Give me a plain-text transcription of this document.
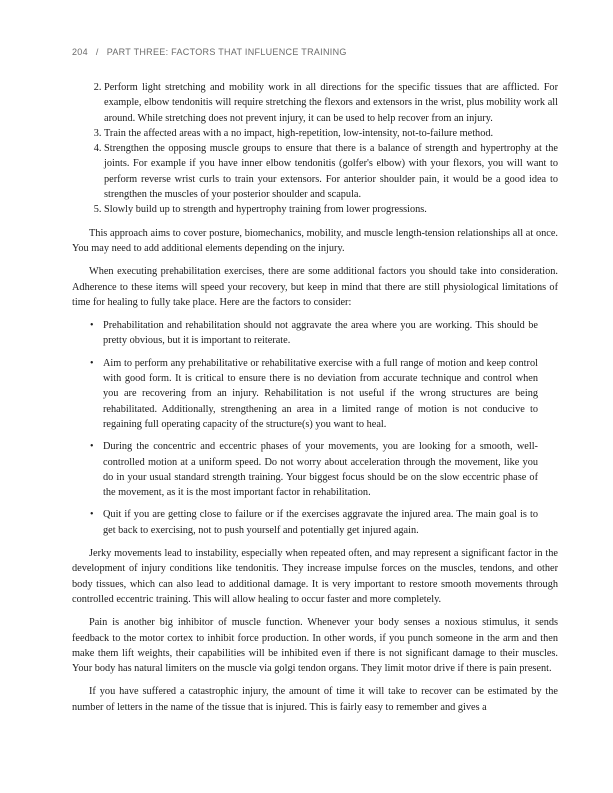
204 / PART THREE: FACTORS THAT INFLUENCE TRAINING
2. Perform light stretching and mobility work in all directions for the specific tissues that are afflicted. For example, elbow tendonitis will require stretching the flexors and extensors in the wrist, plus mobility work all around. While stretching does not prevent injury, it can be used to help recover from an injury.
3. Train the affected areas with a no impact, high-repetition, low-intensity, not-to-failure method.
4. Strengthen the opposing muscle groups to ensure that there is a balance of strength and hypertrophy at the joints. For example if you have inner elbow tendonitis (golfer's elbow) with your flexors, you will want to perform reverse wrist curls to train your extensors. For anterior shoulder pain, it would be a good idea to strengthen the muscles of your posterior shoulder and scapula.
5. Slowly build up to strength and hypertrophy training from lower progressions.

This approach aims to cover posture, biomechanics, mobility, and muscle length-tension relationships all at once. You may need to add additional elements depending on the injury.

When executing prehabilitation exercises, there are some additional factors you should take into consideration. Adherence to these items will speed your recovery, but keep in mind that there are still physiological limitations of time for healing to fully take place. Here are the factors to consider:

• Prehabilitation and rehabilitation should not aggravate the area where you are working. This should be pretty obvious, but it is important to reiterate.
• Aim to perform any prehabilitative or rehabilitative exercise with a full range of motion and keep control with good form. It is critical to ensure there is no deviation from accurate technique and control when you are recovering from an injury. Rehabilitation is not useful if the wrong structures are being rehabilitated. Additionally, strengthening an area in a limited range of motion is not conducive to regaining full operating capacity of the structure(s) you want to heal.
• During the concentric and eccentric phases of your movements, you are looking for a smooth, well-controlled motion at a uniform speed. Do not worry about acceleration through the movement, like you do in your usual standard strength training. Your biggest focus should be on the slow eccentric phase of the movement, as it is the most important factor in rehabilitation.
• Quit if you are getting close to failure or if the exercises aggravate the injured area. The main goal is to get back to exercising, not to push yourself and potentially get injured again.

Jerky movements lead to instability, especially when repeated often, and may represent a significant factor in the development of injury conditions like tendonitis. They increase impulse forces on the muscles, tendons, and other body tissues, which can also lead to additional damage. It is very important to restore smooth movements through controlled eccentric training. This will allow healing to occur faster and more completely.

Pain is another big inhibitor of muscle function. Whenever your body senses a noxious stimulus, it sends feedback to the motor cortex to inhibit force production. In other words, if you punch someone in the arm and then make them lift weights, their capabilities will be inhibited even if there is not significant damage to their muscles. Your body has natural limiters on the muscle via golgi tendon organs. They limit motor drive if there is pain present.

If you have suffered a catastrophic injury, the amount of time it will take to recover can be estimated by the number of letters in the name of the tissue that is injured. This is fairly easy to remember and gives a
